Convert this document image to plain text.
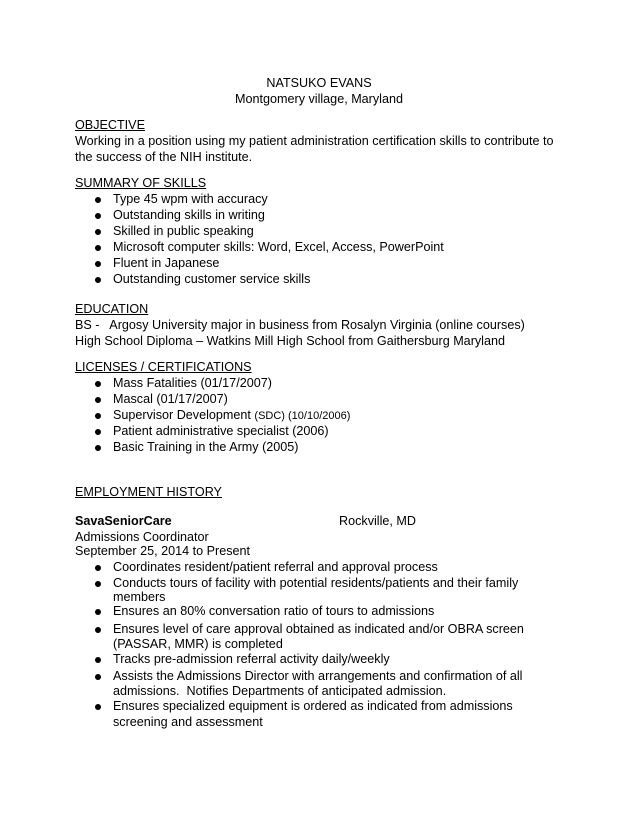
NATSUKO EVANS
Montgomery village, Maryland
OBJECTIVE
Working in a position using my patient administration certification skills to contribute to
the success of the NIH institute.
SUMMARY OF SKILLS
Type 45 wpm with accuracy
Outstanding skills in writing
Skilled in public speaking
Microsoft computer skills: Word, Excel, Access, PowerPoint
Fluent in Japanese
Outstanding customer service skills
EDUCATION
BS -   Argosy University major in business from Rosalyn Virginia (online courses)
High School Diploma – Watkins Mill High School from Gaithersburg Maryland
LICENSES / CERTIFICATIONS
Mass Fatalities (01/17/2007)
Mascal (01/17/2007)
Supervisor Development (SDC) (10/10/2006)
Patient administrative specialist (2006)
Basic Training in the Army (2005)
EMPLOYMENT HISTORY
SavaSeniorCare	Rockville, MD
Admissions Coordinator
September 25, 2014 to Present
Coordinates resident/patient referral and approval process
Conducts tours of facility with potential residents/patients and their family
members
Ensures an 80% conversation ratio of tours to admissions
Ensures level of care approval obtained as indicated and/or OBRA screen
(PASSAR, MMR) is completed
Tracks pre-admission referral activity daily/weekly
Assists the Admissions Director with arrangements and confirmation of all
admissions.  Notifies Departments of anticipated admission.
Ensures specialized equipment is ordered as indicated from admissions
screening and assessment
